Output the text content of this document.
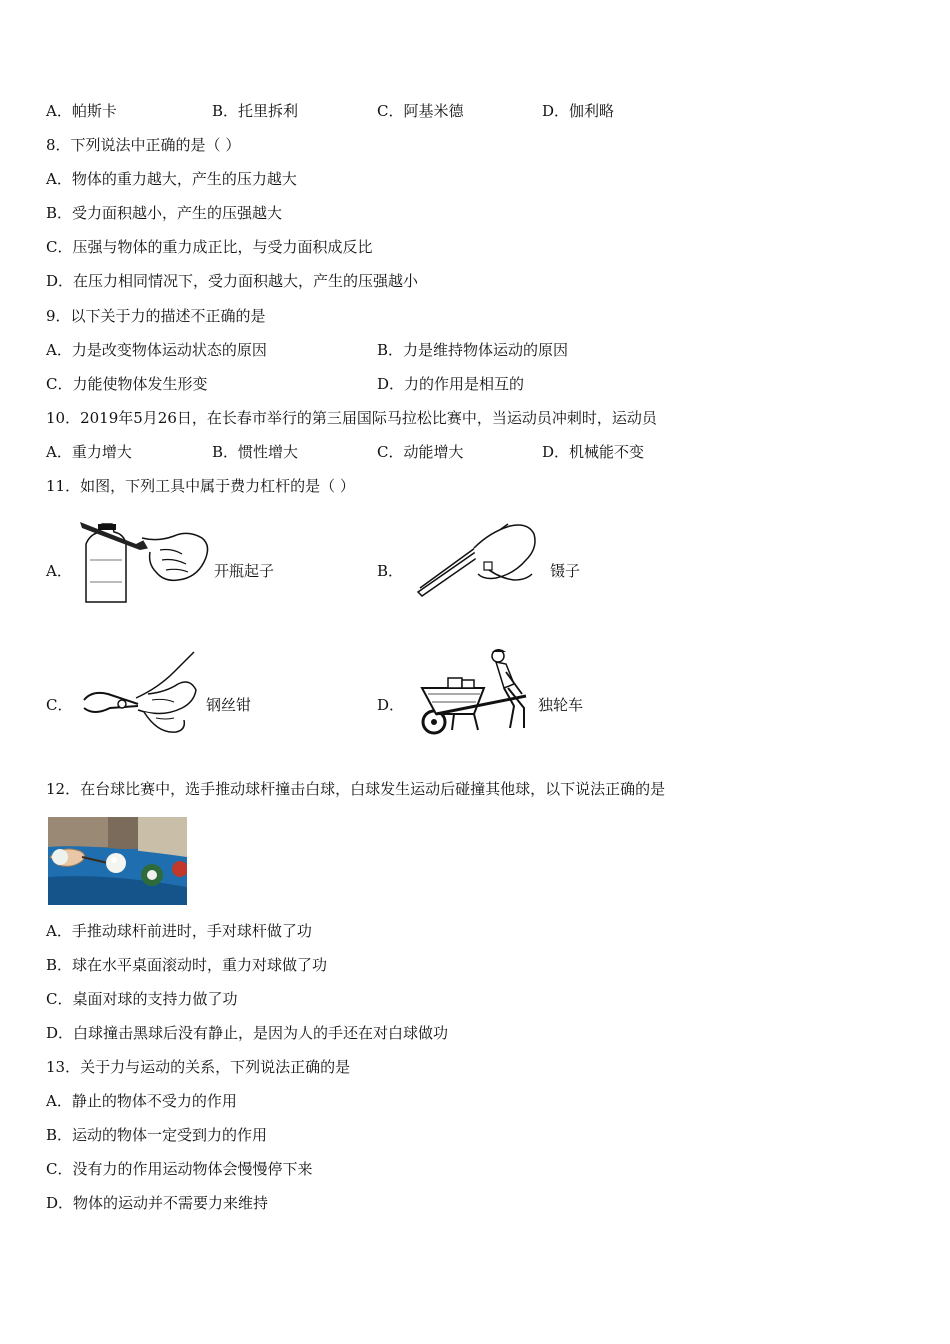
A．帕斯卡	B．托里拆利	C．阿基米德	D．伽利略
8．下列说法中正确的是（ ）
A．物体的重力越大，产生的压力越大
B．受力面积越小，产生的压强越大
C．压强与物体的重力成正比，与受力面积成反比
D．在压力相同情况下，受力面积越大，产生的压强越小
9．以下关于力的描述不正确的是
A．力是改变物体运动状态的原因	B．力是维持物体运动的原因
C．力能使物体发生形变	D．力的作用是相互的
10．2019年5月26日，在长春市举行的第三届国际马拉松比赛中，当运动员冲刺时，运动员
A．重力增大	B．惯性增大	C．动能增大	D．机械能不变
11．如图，下列工具中属于费力杠杆的是（ ）
A．	开瓶起子	B．	镊子
C．	钢丝钳	D．	独轮车
12．在台球比赛中，选手推动球杆撞击白球，白球发生运动后碰撞其他球，以下说法正确的是
A．手推动球杆前进时，手对球杆做了功
B．球在水平桌面滚动时，重力对球做了功
C．桌面对球的支持力做了功
D．白球撞击黑球后没有静止，是因为人的手还在对白球做功
13．关于力与运动的关系，下列说法正确的是
A．静止的物体不受力的作用
B．运动的物体一定受到力的作用
C．没有力的作用运动物体会慢慢停下来
D．物体的运动并不需要力来维持
